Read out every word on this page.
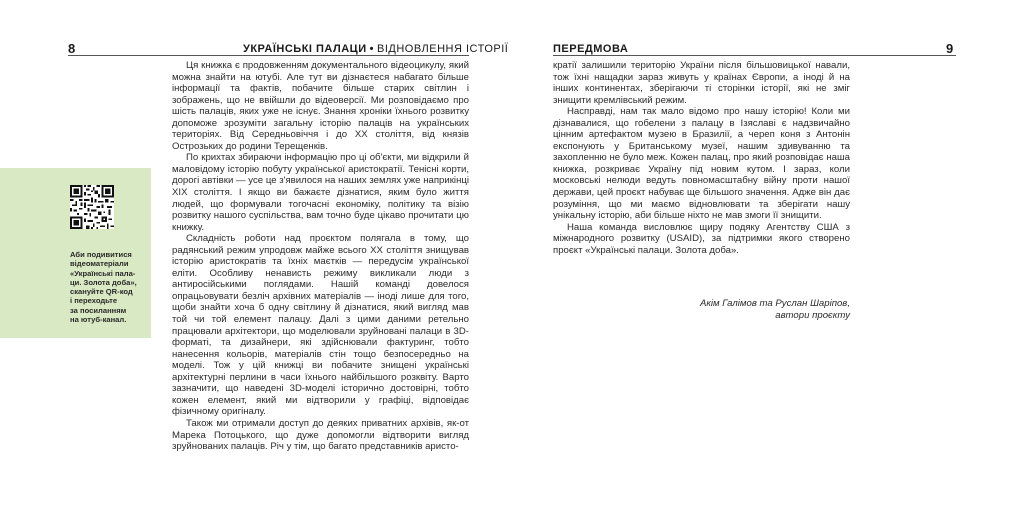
8	УКРАЇНСЬКІ ПАЛАЦИ • ВІДНОВЛЕННЯ ІСТОРІЇ
Аби подивитися
відеоматеріали
«Українські пала-
ци. Золота доба»,
скануйте QR-код
і переходьте
за посиланням
на ютуб-канал.

Ця книжка є продовженням документального відеоцикулу, який можна знайти на ютубі. Але тут ви дізнаєтеся набагато більше інформації та фактів, побачите більше старих світлин і зображень, що не ввійшли до відеоверсії. Ми розповідаємо про шість палаців, яких уже не існує. Знання хроніки їхнього розвитку допоможе зрозуміти загальну історію палаців на українських територіях. Від Середньовіччя і до XX століття, від князів Острозьких до родини Терещенків.

По крихтах збираючи інформацію про ці об'єкти, ми відкрили й маловідому історію побуту української аристократії. Тенісні корти, дорогі автівки — усе це з'явилося на наших землях уже наприкінці XIX століття. І якщо ви бажаєте дізнатися, яким було життя людей, що формували тогочасні економіку, політику та візію розвитку нашого суспільства, вам точно буде цікаво прочитати цю книжку.

Складність роботи над проєктом полягала в тому, що радянський режим упродовж майже всього XX століття знищував історію аристократів та їхніх маєтків — передусім української еліти. Особливу ненависть режиму викликали люди з антиросійськими поглядами. Нашій команді довелося опрацьовувати безліч архівних матеріалів — іноді лише для того, щоби знайти хоча б одну світлину й дізнатися, який вигляд мав той чи той елемент палацу. Далі з цими даними ретельно працювали архітектори, що моделювали зруйновані палаци в 3D-форматі, та дизайнери, які здійснювали фактуринг, тобто нанесення кольорів, матеріалів стін тощо безпосередньо на моделі. Тож у цій книжці ви побачите знищені українські архітектурні перлини в часи їхнього найбільшого розквіту. Варто зазначити, що наведені 3D-моделі історично достовірні, тобто кожен елемент, який ми відтворили у графіці, відповідає фізичному оригіналу.

Також ми отримали доступ до деяких приватних архівів, як-от Марека Потоцького, що дуже допомогли відтворити вигляд зруйнованих палаців. Річ у тім, що багато представників аристо-

ПЕРЕДМОВА	9

кратії залишили територію України після більшовицької навали, тож їхні нащадки зараз живуть у країнах Європи, а іноді й на інших континентах, зберігаючи ті сторінки історії, які не зміг знищити кремлівський режим.

Насправді, нам так мало відомо про нашу історію! Коли ми дізнавалися, що гобелени з палацу в Ізяславі є надзвичайно цінним артефактом музею в Бразилії, а череп коня з Антонін експонують у Британському музеї, нашим здивуванню та захопленню не було меж. Кожен палац, про який розповідає наша книжка, розкриває Україну під новим кутом. І зараз, коли московські нелюди ведуть повномасштабну війну проти нашої держави, цей проєкт набуває ще більшого значення. Адже він дає розуміння, що ми маємо відновлювати та зберігати нашу унікальну історію, аби більше ніхто не мав змоги її знищити.

Наша команда висловлює щиру подяку Агентству США з міжнародного розвитку (USAID), за підтримки якого створено проєкт «Українські палаци. Золота доба».

Акім Галімов та Руслан Шаріпов,
автори проєкту
